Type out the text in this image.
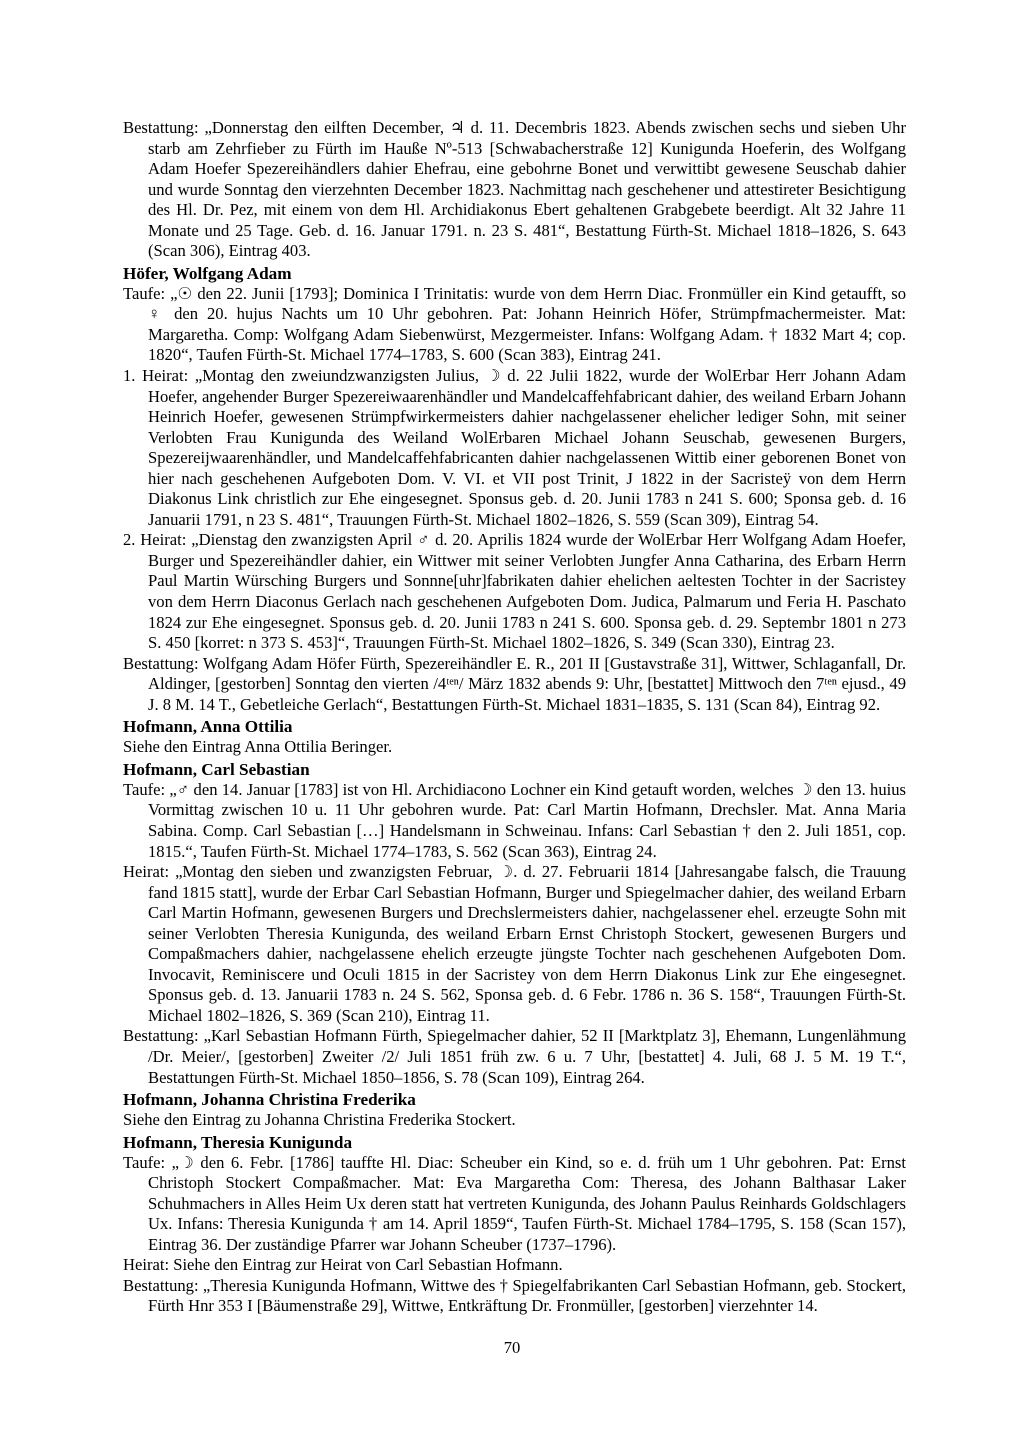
Bestattung: „Donnerstag den eilften December, ♃ d. 11. Decembris 1823. Abends zwischen sechs und sieben Uhr starb am Zehrfieber zu Fürth im Hauße Nº-513 [Schwabacherstraße 12] Kunigunda Hoeferin, des Wolfgang Adam Hoefer Spezereihändlers dahier Ehefrau, eine gebohrne Bonet und verwittibt gewesene Seuschab dahier und wurde Sonntag den vierzehnten December 1823. Nachmittag nach geschehener und attestireter Besichtigung des Hl. Dr. Pez, mit einem von dem Hl. Archidiakonus Ebert gehaltenen Grabgebete beerdigt. Alt 32 Jahre 11 Monate und 25 Tage. Geb. d. 16. Januar 1791. n. 23 S. 481“, Bestattung Fürth-St. Michael 1818–1826, S. 643 (Scan 306), Eintrag 403.

Höfer, Wolfgang Adam

Taufe: „☉ den 22. Junii [1793]; Dominica I Trinitatis: wurde von dem Herrn Diac. Fronmüller ein Kind getaufft, so ♀ den 20. hujus Nachts um 10 Uhr gebohren. Pat: Johann Heinrich Höfer, Strümpfmachermeister. Mat: Margaretha. Comp: Wolfgang Adam Siebenwürst, Mezgermeister. Infans: Wolfgang Adam. † 1832 Mart 4; cop. 1820“, Taufen Fürth-St. Michael 1774–1783, S. 600 (Scan 383), Eintrag 241.

1. Heirat: „Montag den zweiundzwanzigsten Julius, ☽ d. 22 Julii 1822, wurde der WolErbar Herr Johann Adam Hoefer, angehender Burger Spezereiwaarenhändler und Mandelcaffehfabricant dahier, des weiland Erbarn Johann Heinrich Hoefer, gewesenen Strümpfwirkermeisters dahier nachgelassener ehelicher lediger Sohn, mit seiner Verlobten Frau Kunigunda des Weiland WolErbaren Michael Johann Seuschab, gewesenen Burgers, Spezereijwaarenhändler, und Mandelcaffehfabricanten dahier nachgelassenen Wittib einer geborenen Bonet von hier nach geschehenen Aufgeboten Dom. V. VI. et VII post Trinit, J 1822 in der Sacristeÿ von dem Herrn Diakonus Link christlich zur Ehe eingesegnet. Sponsus geb. d. 20. Junii 1783 n 241 S. 600; Sponsa geb. d. 16 Januarii 1791, n 23 S. 481“, Trauungen Fürth-St. Michael 1802–1826, S. 559 (Scan 309), Eintrag 54.

2. Heirat: „Dienstag den zwanzigsten April ♂ d. 20. Aprilis 1824 wurde der WolErbar Herr Wolfgang Adam Hoefer, Burger und Spezereihändler dahier, ein Wittwer mit seiner Verlobten Jungfer Anna Catharina, des Erbarn Herrn Paul Martin Würsching Burgers und Sonnne[uhr]fabrikaten dahier ehelichen aeltesten Tochter in der Sacristey von dem Herrn Diaconus Gerlach nach geschehenen Aufgeboten Dom. Judica, Palmarum und Feria H. Paschato 1824 zur Ehe eingesegnet. Sponsus geb. d. 20. Junii 1783 n 241 S. 600. Sponsa geb. d. 29. Septembr 1801 n 273 S. 450 [korret: n 373 S. 453]“, Trauungen Fürth-St. Michael 1802–1826, S. 349 (Scan 330), Eintrag 23.

Bestattung: Wolfgang Adam Höfer Fürth, Spezereihändler E. R., 201 II [Gustavstraße 31], Wittwer, Schlaganfall, Dr. Aldinger, [gestorben] Sonntag den vierten /4ᵗᵉⁿ/ März 1832 abends 9: Uhr, [bestattet] Mittwoch den 7ᵗᵉⁿ ejusd., 49 J. 8 M. 14 T., Gebetleiche Gerlach“, Bestattungen Fürth-St. Michael 1831–1835, S. 131 (Scan 84), Eintrag 92.

Hofmann, Anna Ottilia

Siehe den Eintrag Anna Ottilia Beringer.

Hofmann, Carl Sebastian

Taufe: „♂ den 14. Januar [1783] ist von Hl. Archidiacono Lochner ein Kind getauft worden, welches ☽ den 13. huius Vormittag zwischen 10 u. 11 Uhr gebohren wurde. Pat: Carl Martin Hofmann, Drechsler. Mat. Anna Maria Sabina. Comp. Carl Sebastian […] Handelsmann in Schweinau. Infans: Carl Sebastian † den 2. Juli 1851, cop. 1815.“, Taufen Fürth-St. Michael 1774–1783, S. 562 (Scan 363), Eintrag 24.

Heirat: „Montag den sieben und zwanzigsten Februar, ☽. d. 27. Februarii 1814 [Jahresangabe falsch, die Trauung fand 1815 statt], wurde der Erbar Carl Sebastian Hofmann, Burger und Spiegelmacher dahier, des weiland Erbarn Carl Martin Hofmann, gewesenen Burgers und Drechslermeisters dahier, nachgelassener ehel. erzeugte Sohn mit seiner Verlobten Theresia Kunigunda, des weiland Erbarn Ernst Christoph Stockert, gewesenen Burgers und Compaßmachers dahier, nachgelassene ehelich erzeugte jüngste Tochter nach geschehenen Aufgeboten Dom. Invocavit, Reminiscere und Oculi 1815 in der Sacristey von dem Herrn Diakonus Link zur Ehe eingesegnet. Sponsus geb. d. 13. Januarii 1783 n. 24 S. 562, Sponsa geb. d. 6 Febr. 1786 n. 36 S. 158“, Trauungen Fürth-St. Michael 1802–1826, S. 369 (Scan 210), Eintrag 11.

Bestattung: „Karl Sebastian Hofmann Fürth, Spiegelmacher dahier, 52 II [Marktplatz 3], Ehemann, Lungenlähmung /Dr. Meier/, [gestorben] Zweiter /2/ Juli 1851 früh zw. 6 u. 7 Uhr, [bestattet] 4. Juli, 68 J. 5 M. 19 T.“, Bestattungen Fürth-St. Michael 1850–1856, S. 78 (Scan 109), Eintrag 264.

Hofmann, Johanna Christina Frederika

Siehe den Eintrag zu Johanna Christina Frederika Stockert.

Hofmann, Theresia Kunigunda

Taufe: „☽ den 6. Febr. [1786] tauffte Hl. Diac: Scheuber ein Kind, so e. d. früh um 1 Uhr gebohren. Pat: Ernst Christoph Stockert Compaßmacher. Mat: Eva Margaretha Com: Theresa, des Johann Balthasar Laker Schuhmachers in Alles Heim Ux deren statt hat vertreten Kunigunda, des Johann Paulus Reinhards Goldschlagers Ux. Infans: Theresia Kunigunda † am 14. April 1859“, Taufen Fürth-St. Michael 1784–1795, S. 158 (Scan 157), Eintrag 36. Der zuständige Pfarrer war Johann Scheuber (1737–1796).

Heirat: Siehe den Eintrag zur Heirat von Carl Sebastian Hofmann.

Bestattung: „Theresia Kunigunda Hofmann, Wittwe des † Spiegelfabrikanten Carl Sebastian Hofmann, geb. Stockert, Fürth Hnr 353 I [Bäumenstraße 29], Wittwe, Entkräftung Dr. Fronmüller, [gestorben] vierzehnter 14.

70
